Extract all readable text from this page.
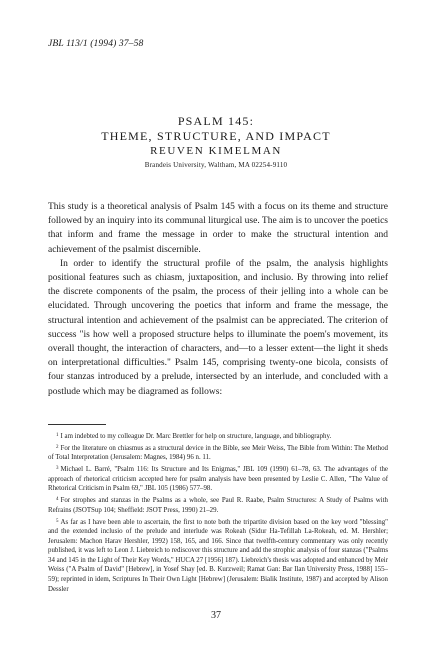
JBL 113/1 (1994) 37–58
PSALM 145:
THEME, STRUCTURE, AND IMPACT
REUVEN KIMELMAN
Brandeis University, Waltham, MA 02254-9110

This study is a theoretical analysis of Psalm 145 with a focus on its theme and structure followed by an inquiry into its communal liturgical use. The aim is to uncover the poetics that inform and frame the message in order to make the structural intention and achievement of the psalmist discernible.

In order to identify the structural profile of the psalm, the analysis highlights positional features such as chiasm, juxtaposition, and inclusio. By throwing into relief the discrete components of the psalm, the process of their jelling into a whole can be elucidated. Through uncovering the poetics that inform and frame the message, the structural intention and achievement of the psalmist can be appreciated. The criterion of success "is how well a proposed structure helps to illuminate the poem's movement, its overall thought, the interaction of characters, and—to a lesser extent—the light it sheds on interpretational difficulties." Psalm 145, comprising twenty-one bicola, consists of four stanzas introduced by a prelude, intersected by an interlude, and concluded with a postlude which may be diagramed as follows:

$^1$ I am indebted to my colleague Dr. Marc Brettler for help on structure, language, and bibliography.

$^2$ For the literature on chiasmus as a structural device in the Bible, see Meir Weiss, The Bible from Within: The Method of Total Interpretation (Jerusalem: Magnes, 1984) 96 n. 11.

$^3$ Michael L. Barré, "Psalm 116: Its Structure and Its Enigmas," JBL 109 (1990) 61–78, 63. The advantages of the approach of rhetorical criticism accepted here for psalm analysis have been presented by Leslie C. Allen, "The Value of Rhetorical Criticism in Psalm 69," JBL 105 (1986) 577–98.

$^4$ For strophes and stanzas in the Psalms as a whole, see Paul R. Raabe, Psalm Structures: A Study of Psalms with Refrains (JSOTSup 104; Sheffield: JSOT Press, 1990) 21–29.

$^5$ As far as I have been able to ascertain, the first to note both the tripartite division based on the key word "blessing" and the extended inclusio of the prelude and interlude was Rokeah (Sidur Ha-Tefillah La-Rokeah, ed. M. Hershler; Jerusalem: Machon Harav Hershler, 1992) 158, 165, and 166. Since that twelfth-century commentary was only recently published, it was left to Leon J. Liebreich to rediscover this structure and add the strophic analysis of four stanzas ("Psalms 34 and 145 in the Light of Their Key Words," HUCA 27 [1956] 187). Liebreich's thesis was adopted and enhanced by Meir Weiss ("A Psalm of David" [Hebrew], in Yosef Shay [ed. B. Kurzweil; Ramat Gan: Bar Ilan University Press, 1988] 155–59); reprinted in idem, Scriptures In Their Own Light [Hebrew] (Jerusalem: Bialik Institute, 1987) and accepted by Alison Dessler

37
